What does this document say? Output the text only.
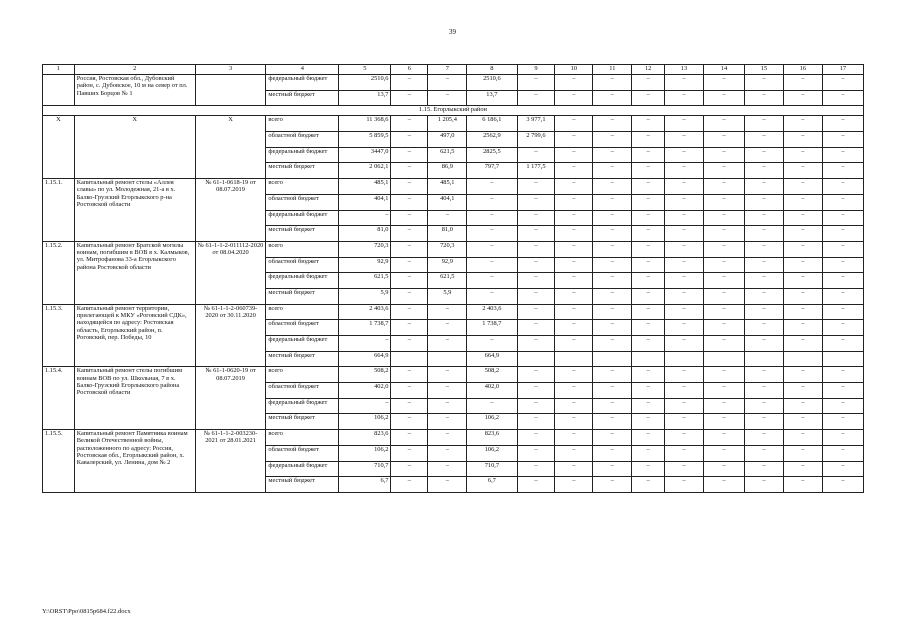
39
1	2	3	4	5	6	7	8	9	10	11	12	13	14	15	16	17
	Россия, Ростовская обл., Дубовский район, с. Дубовское, 10 м на север от пл. Павших Борцов № 1		федеральный бюджет	2510,6	–	–	2510,6	–	–	–	–	–	–	–	–	–
			местный бюджет	13,7	–	–	13,7	–	–	–	–	–	–	–	–	–
1.15. Егорлыкский район																
Х	Х	Х	всего	11 368,6	–	1 205,4	6 186,1	3 977,1	–	–	–	–	–	–	–	–
			областной бюджет	5 859,5	–	497,0	2562,9	2 799,6	–	–	–	–	–	–	–	–
			федеральный бюджет	3447,0	–	621,5	2825,5	–	–	–	–	–	–	–	–	–
			местный бюджет	2 062,1	–	86,9	797,7	1 177,5	–	–	–	–	–	–	–	–
1.15.1.	Капитальный ремонт стелы «Аллея славы» по ул. Молодежная, 21-а в х. Балко-Грузский Егорлыкского р-на Ростовской области	№ 61-1-0618-19 от 08.07.2019	всего	485,1	–	485,1	–	–	–	–	–	–	–	–	–	–
			областной бюджет	404,1	–	404,1	–	–	–	–	–	–	–	–	–	–
			федеральный бюджет	–	–	–	–	–	–	–	–	–	–	–	–	–
			местный бюджет	81,0	–	81,0	–	–	–	–	–	–	–	–	–	–
1.15.2.	Капитальный ремонт Братской могилы воинам, погибшим в ВОВ в х. Калмыков, ул. Митрофанова 33-а Егорлыкского района Ростовской области	№ 61-1-1-2-011112-2020 от 08.04.2020	всего	720,3	–	720,3	–	–	–	–	–	–	–	–	–	–
			областной бюджет	92,9	–	92,9	–	–	–	–	–	–	–	–	–	–
			федеральный бюджет	621,5	–	621,5	–	–	–	–	–	–	–	–	–	–
			местный бюджет	5,9	–	5,9	–	–	–	–	–	–	–	–	–	–
1.15.3.	Капитальный ремонт территории, прилегающей к МКУ «Роговский СДК», находящейся по адресу: Ростовская область, Егорлыкский район, п. Роговский, пер. Победы, 10	№ 61-1-1-2-060739-2020 от 30.11.2020	всего	2 403,6	–	–	2 403,6	–	–	–	–	–	–	–	–	–
			областной бюджет	1 738,7	–	–	1 738,7	–	–	–	–	–	–	–	–	–
			федеральный бюджет	–	–	–	–	–	–	–	–	–	–	–	–	–
			местный бюджет	664,9			664,9									
1.15.4.	Капитальный ремонт стелы погибшим воинам ВОВ по ул. Школьная, 7 в х. Балко-Грузский Егорлыкского района Ростовской области	№ 61-1-0620-19 от 08.07.2019	всего	508,2	–	–	508,2	–	–	–	–	–	–	–	–	–
			областной бюджет	402,0	–	–	402,0	–	–	–	–	–	–	–	–	–
			федеральный бюджет	–	–	–	–	–	–	–	–	–	–	–	–	–
			местный бюджет	106,2	–	–	106,2	–	–	–	–	–	–	–	–	–
1.15.5.	Капитальный ремонт Памятника воинам Великой Отечественной войны, расположенного по адресу: Россия, Ростовская обл., Егорлыкский район, х. Кавалерский, ул. Ленина, дом № 2	№ 61-1-1-2-003230-2021 от 28.01.2021	всего	823,6	–	–	823,6	–	–	–	–	–	–	–	–	–
			областной бюджет	106,2	–	–	106,2	–	–	–	–	–	–	–	–	–
			федеральный бюджет	710,7	–	–	710,7	–	–	–	–	–	–	–	–	–
			местный бюджет	6,7	–	–	6,7	–	–	–	–	–	–	–	–	–
Y:\ORST\Ppo\0815p684.f22.docx
